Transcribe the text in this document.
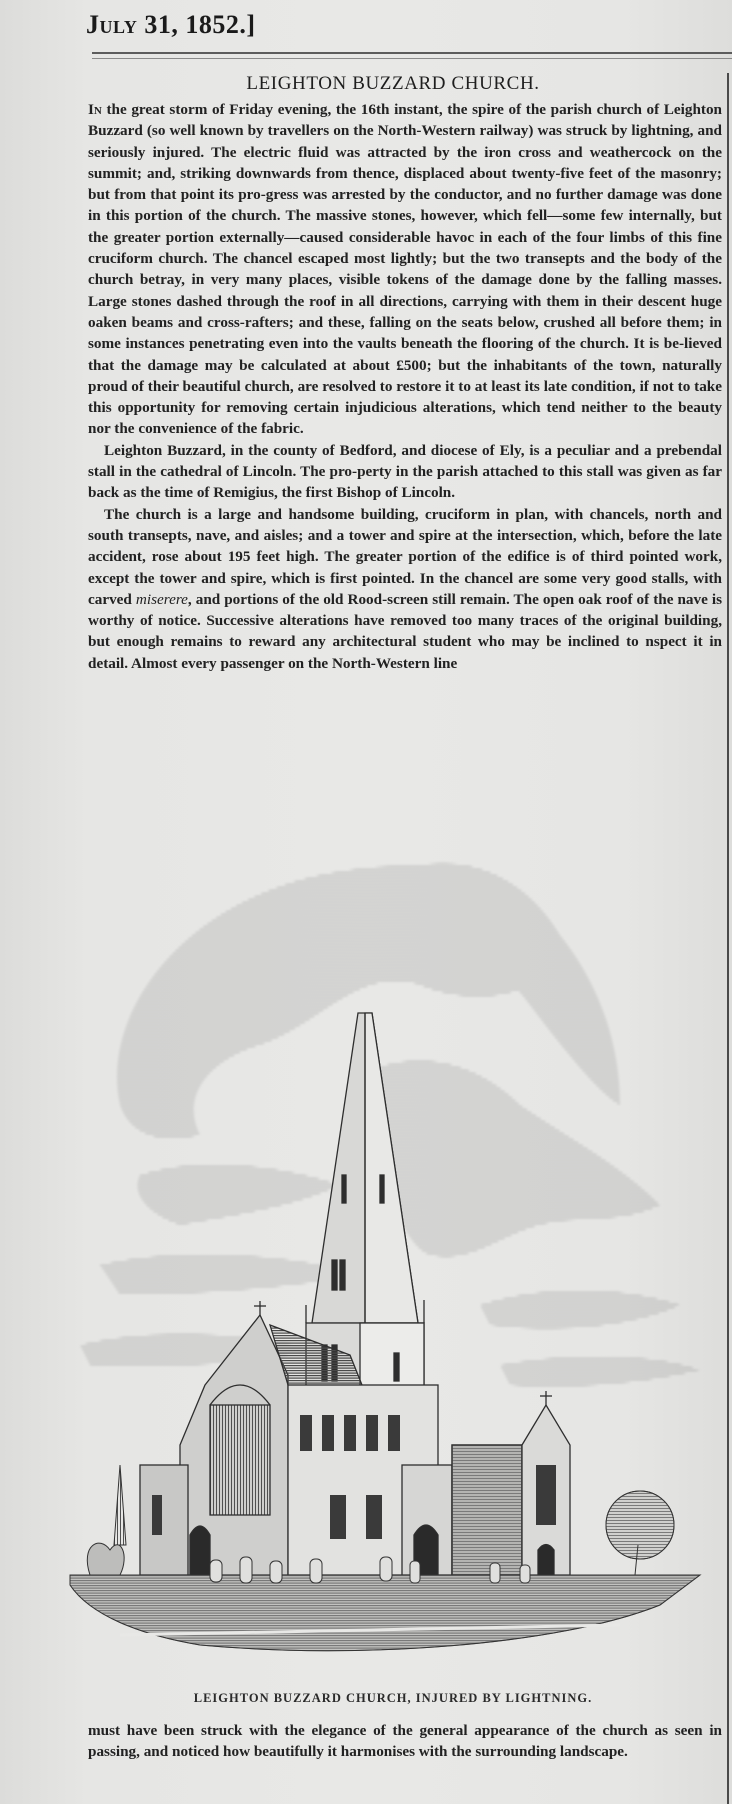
July 31, 1852.]
LEIGHTON BUZZARD CHURCH.

In the great storm of Friday evening, the 16th instant, the spire of the parish church of Leighton Buzzard (so well known by travellers on the North-Western railway) was struck by lightning, and seriously injured. The electric fluid was attracted by the iron cross and weathercock on the summit; and, striking downwards from thence, displaced about twenty-five feet of the masonry; but from that point its pro-gress was arrested by the conductor, and no further damage was done in this portion of the church. The massive stones, however, which fell—some few internally, but the greater portion externally—caused considerable havoc in each of the four limbs of this fine cruciform church. The chancel escaped most lightly; but the two transepts and the body of the church betray, in very many places, visible tokens of the damage done by the falling masses. Large stones dashed through the roof in all directions, carrying with them in their descent huge oaken beams and cross-rafters; and these, falling on the seats below, crushed all before them; in some instances penetrating even into the vaults beneath the flooring of the church. It is be-lieved that the damage may be calculated at about £500; but the inhabitants of the town, naturally proud of their beautiful church, are resolved to restore it to at least its late condition, if not to take this opportunity for removing certain injudicious alterations, which tend neither to the beauty nor the convenience of the fabric.

Leighton Buzzard, in the county of Bedford, and diocese of Ely, is a peculiar and a prebendal stall in the cathedral of Lincoln. The pro-perty in the parish attached to this stall was given as far back as the time of Remigius, the first Bishop of Lincoln.

The church is a large and handsome building, cruciform in plan, with chancels, north and south transepts, nave, and aisles; and a tower and spire at the intersection, which, before the late accident, rose about 195 feet high. The greater portion of the edifice is of third pointed work, except the tower and spire, which is first pointed. In the chancel are some very good stalls, with carved miserere, and portions of the old Rood-screen still remain. The open oak roof of the nave is worthy of notice. Successive alterations have removed too many traces of the original building, but enough remains to reward any architectural student who may be inclined to nspect it in detail. Almost every passenger on the North-Western line

LEIGHTON BUZZARD CHURCH, INJURED BY LIGHTNING.

must have been struck with the elegance of the general appearance of the church as seen in passing, and noticed how beautifully it harmonises with the surrounding landscape.
